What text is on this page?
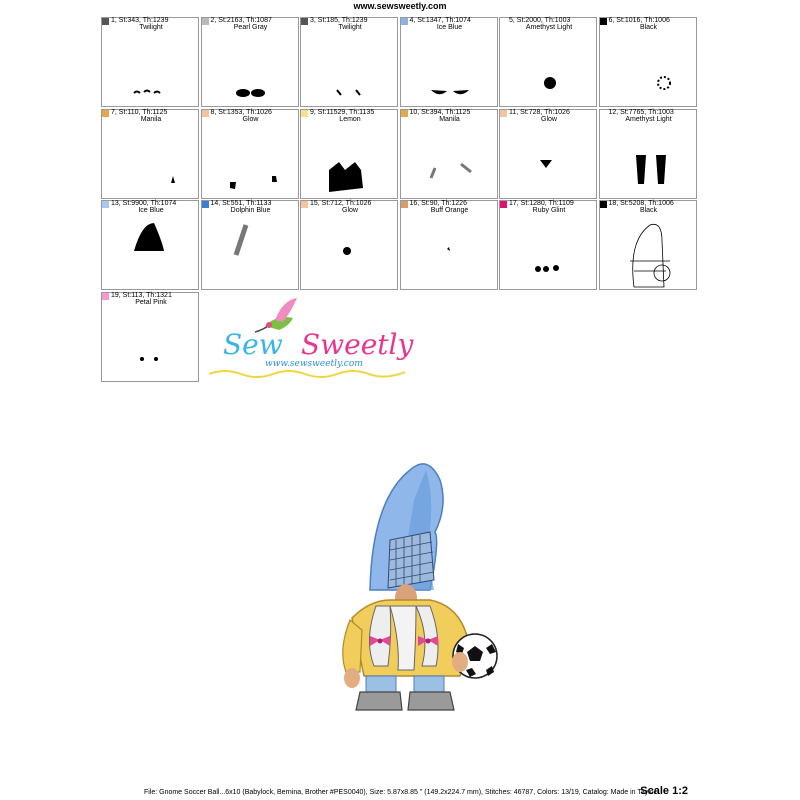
www.sewsweetly.com
1, St:343, Th:1239
Twilight
2, St:2163, Th:1087
Pearl Gray
3, St:185, Th:1239
Twilight
4, St:1347, Th:1074
Ice Blue
5, St:2000, Th:1003
Amethyst Light
6, St:1016, Th:1006
Black
7, St:110, Th:1125
Manila
8, St:1353, Th:1026
Glow
9, St:11529, Th:1135
Lemon
10, St:394, Th:1125
Manila
11, St:728, Th:1026
Glow
12, St:7765, Th:1003
Amethyst Light
13, St:9900, Th:1074
Ice Blue
14, St:551, Th:1133
Dolphin Blue
15, St:712, Th:1026
Glow
16, St:90, Th:1226
Buff Orange
17, St:1280, Th:1109
Ruby Glint
18, St:5208, Th:1006
Black
19, St:113, Th:1321
Petal Pink
Sew Sweetly
www.sewsweetly.com
File: Gnome Soccer Ball...6x10 (Babylock, Bernina, Brother #PES0040), Size: 5.87x8.85 " (149.2x224.7 mm), Stitches: 46787, Colors: 13/19, Catalog: Made in Taylor
Scale 1:2
